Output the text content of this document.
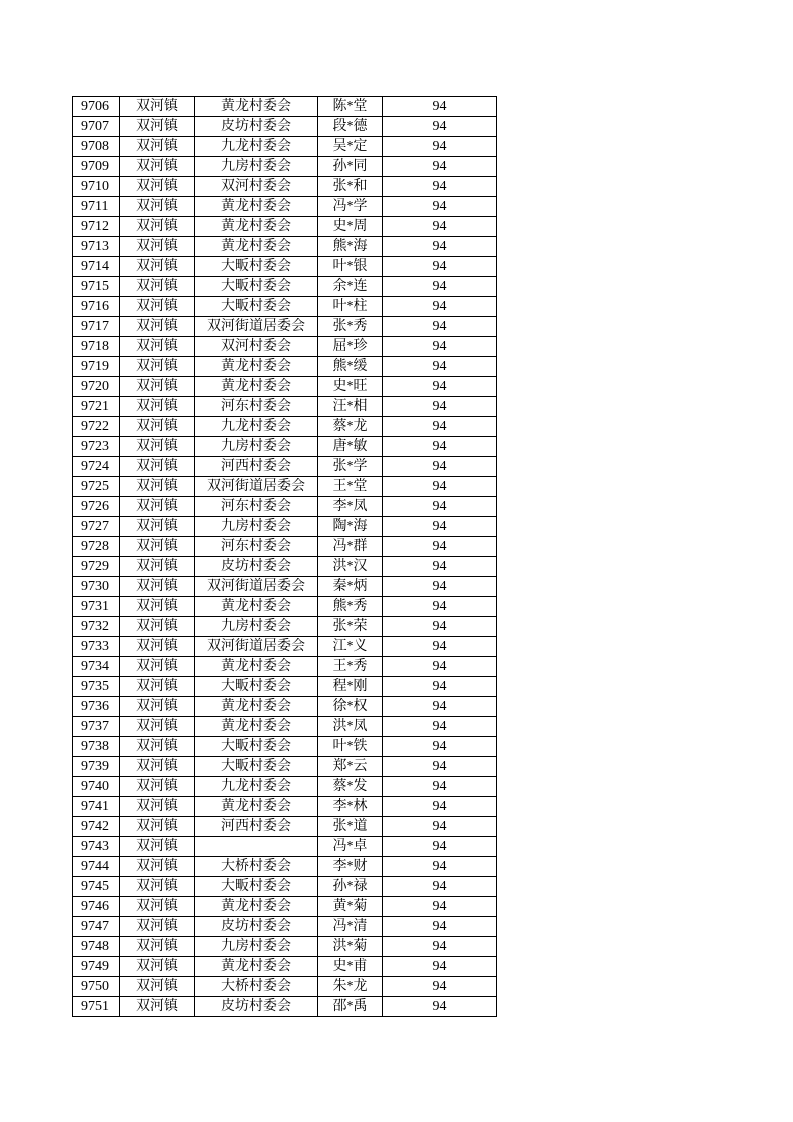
9706	双河镇	黄龙村委会	陈*堂	94
9707	双河镇	皮坊村委会	段*德	94
9708	双河镇	九龙村委会	吴*定	94
9709	双河镇	九房村委会	孙*同	94
9710	双河镇	双河村委会	张*和	94
9711	双河镇	黄龙村委会	冯*学	94
9712	双河镇	黄龙村委会	史*周	94
9713	双河镇	黄龙村委会	熊*海	94
9714	双河镇	大畈村委会	叶*银	94
9715	双河镇	大畈村委会	余*连	94
9716	双河镇	大畈村委会	叶*柱	94
9717	双河镇	双河街道居委会	张*秀	94
9718	双河镇	双河村委会	屈*珍	94
9719	双河镇	黄龙村委会	熊*缓	94
9720	双河镇	黄龙村委会	史*旺	94
9721	双河镇	河东村委会	汪*相	94
9722	双河镇	九龙村委会	蔡*龙	94
9723	双河镇	九房村委会	唐*敏	94
9724	双河镇	河西村委会	张*学	94
9725	双河镇	双河街道居委会	王*堂	94
9726	双河镇	河东村委会	李*凤	94
9727	双河镇	九房村委会	陶*海	94
9728	双河镇	河东村委会	冯*群	94
9729	双河镇	皮坊村委会	洪*汉	94
9730	双河镇	双河街道居委会	秦*炳	94
9731	双河镇	黄龙村委会	熊*秀	94
9732	双河镇	九房村委会	张*荣	94
9733	双河镇	双河街道居委会	江*义	94
9734	双河镇	黄龙村委会	王*秀	94
9735	双河镇	大畈村委会	程*刚	94
9736	双河镇	黄龙村委会	徐*权	94
9737	双河镇	黄龙村委会	洪*凤	94
9738	双河镇	大畈村委会	叶*铁	94
9739	双河镇	大畈村委会	郑*云	94
9740	双河镇	九龙村委会	蔡*发	94
9741	双河镇	黄龙村委会	李*林	94
9742	双河镇	河西村委会	张*道	94
9743	双河镇		冯*卓	94
9744	双河镇	大桥村委会	李*财	94
9745	双河镇	大畈村委会	孙*禄	94
9746	双河镇	黄龙村委会	黄*菊	94
9747	双河镇	皮坊村委会	冯*清	94
9748	双河镇	九房村委会	洪*菊	94
9749	双河镇	黄龙村委会	史*甫	94
9750	双河镇	大桥村委会	朱*龙	94
9751	双河镇	皮坊村委会	邵*禹	94
